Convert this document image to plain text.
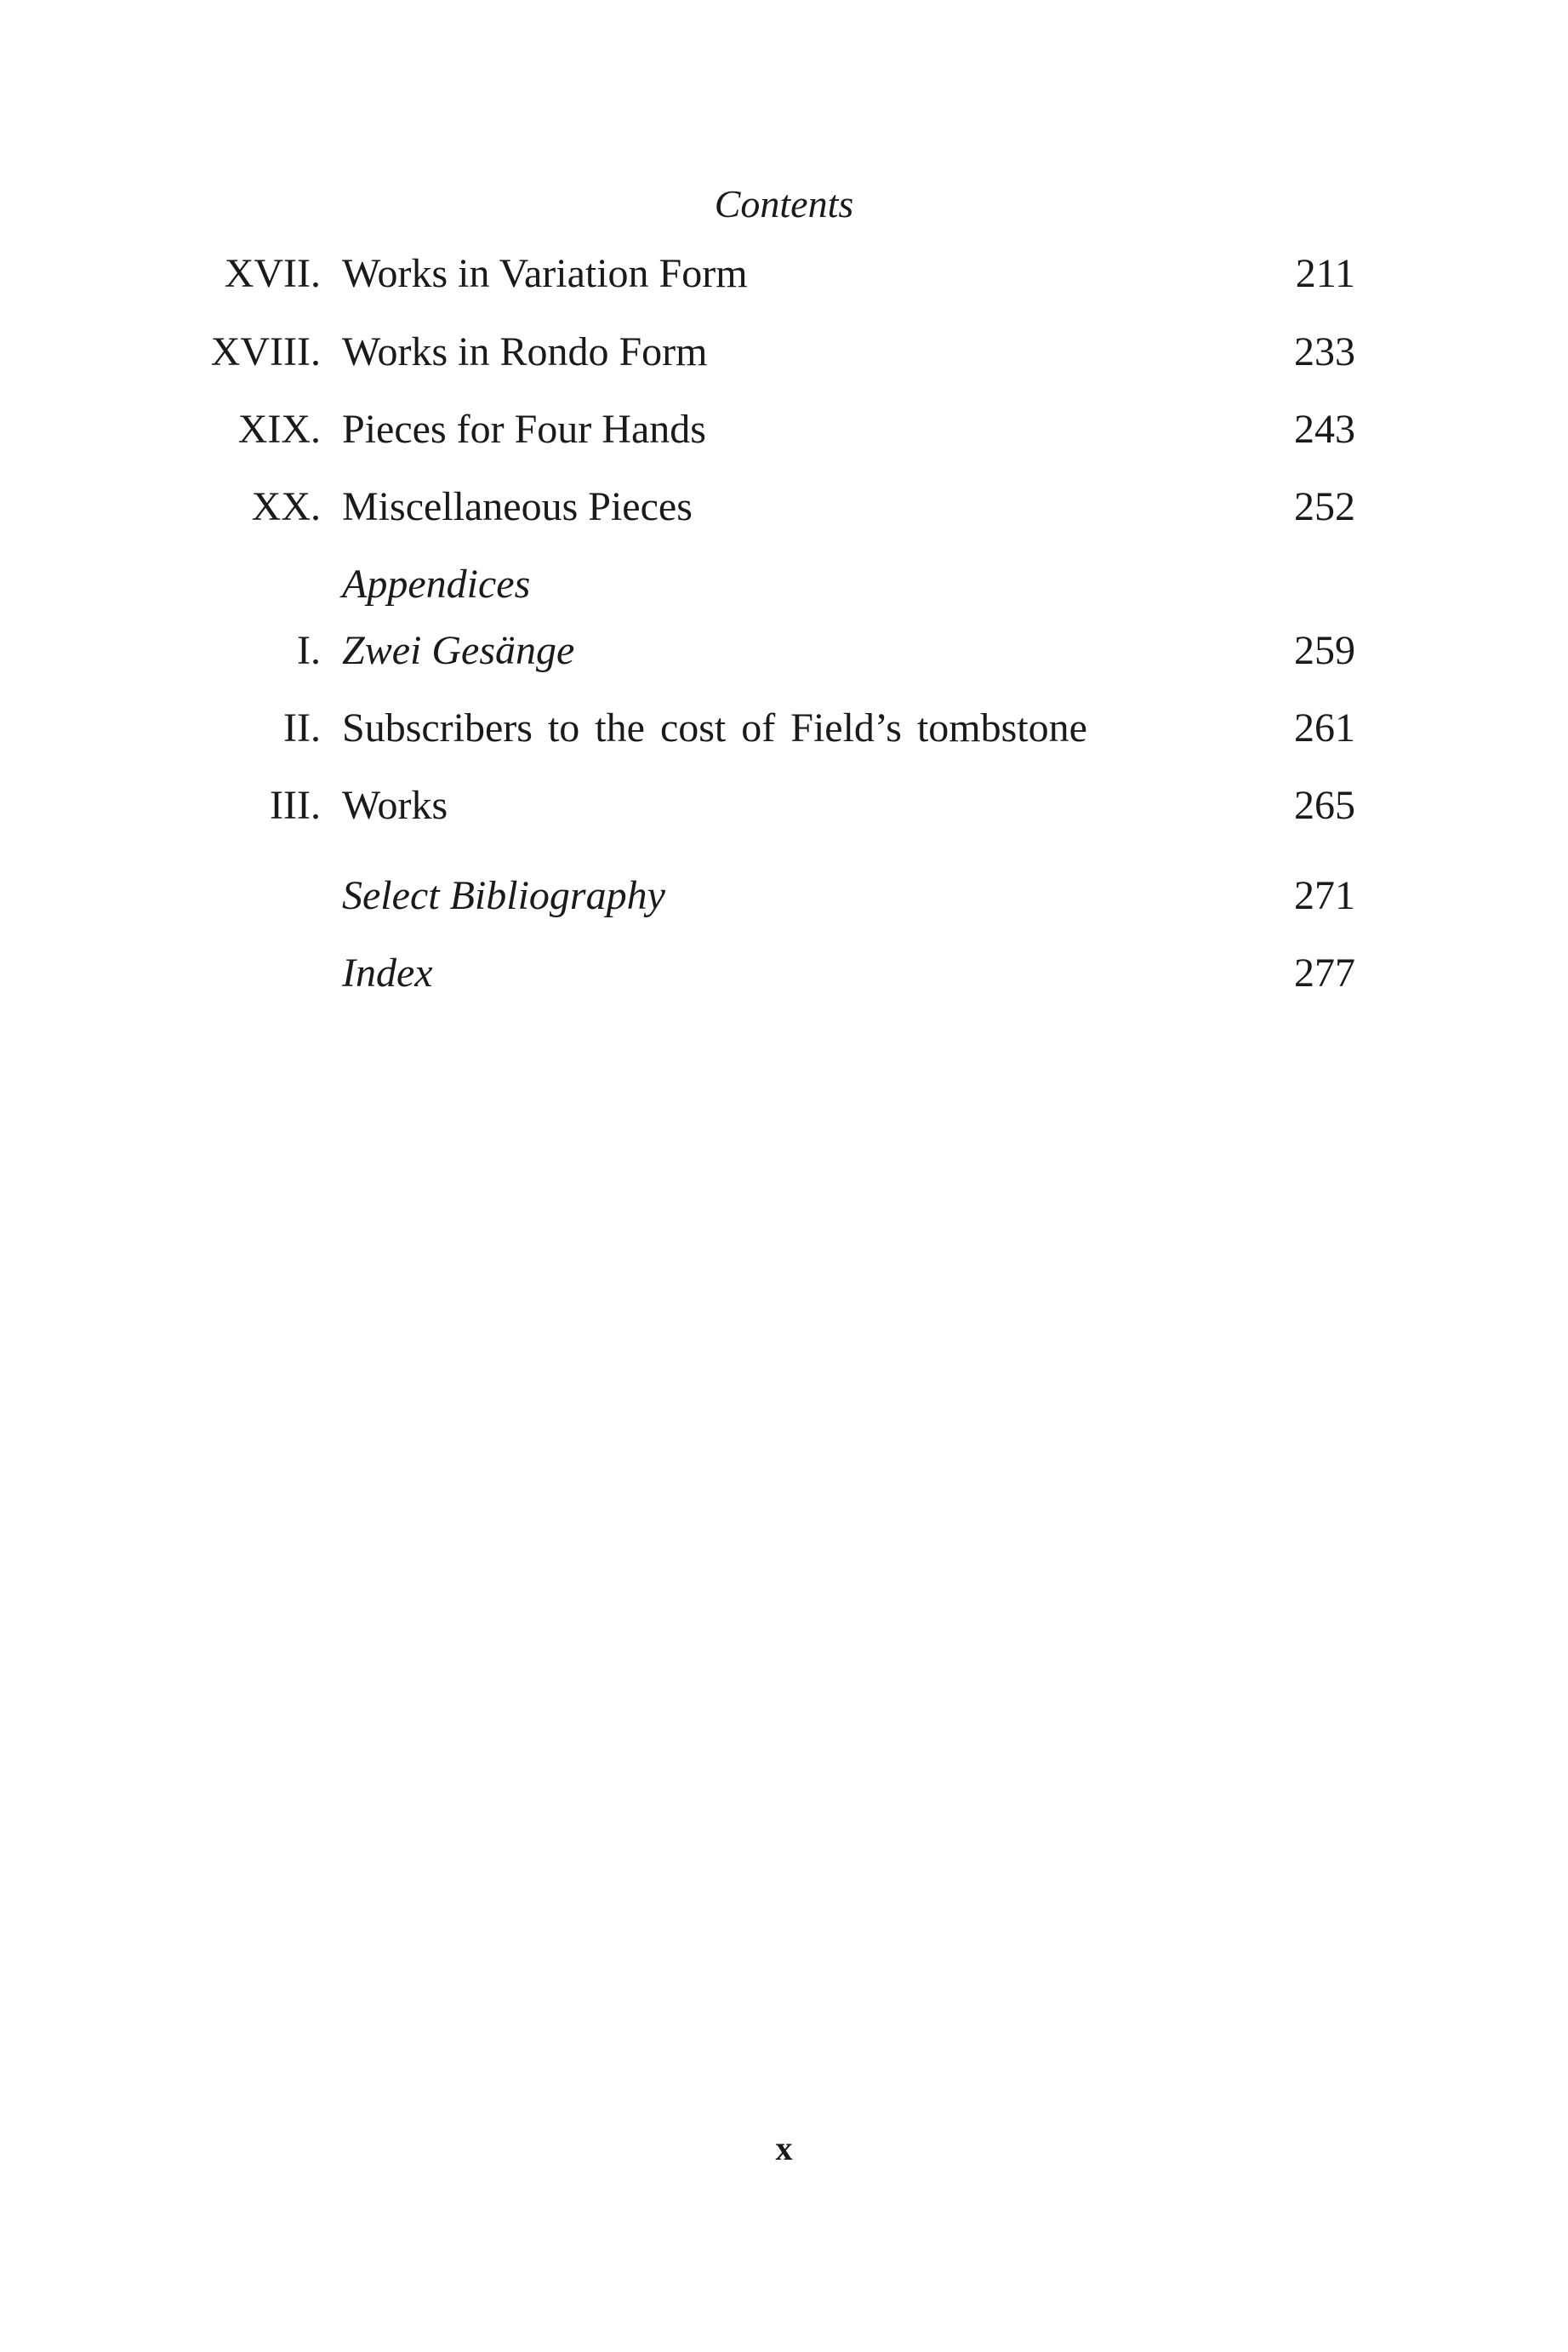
Contents
XVII. Works in Variation Form	211
XVIII. Works in Rondo Form	233
XIX. Pieces for Four Hands	243
XX. Miscellaneous Pieces	252
Appendices
I. Zwei Gesänge	259
II. Subscribers to the cost of Field’s tombstone	261
III. Works	265
Select Bibliography	271
Index	277
x
